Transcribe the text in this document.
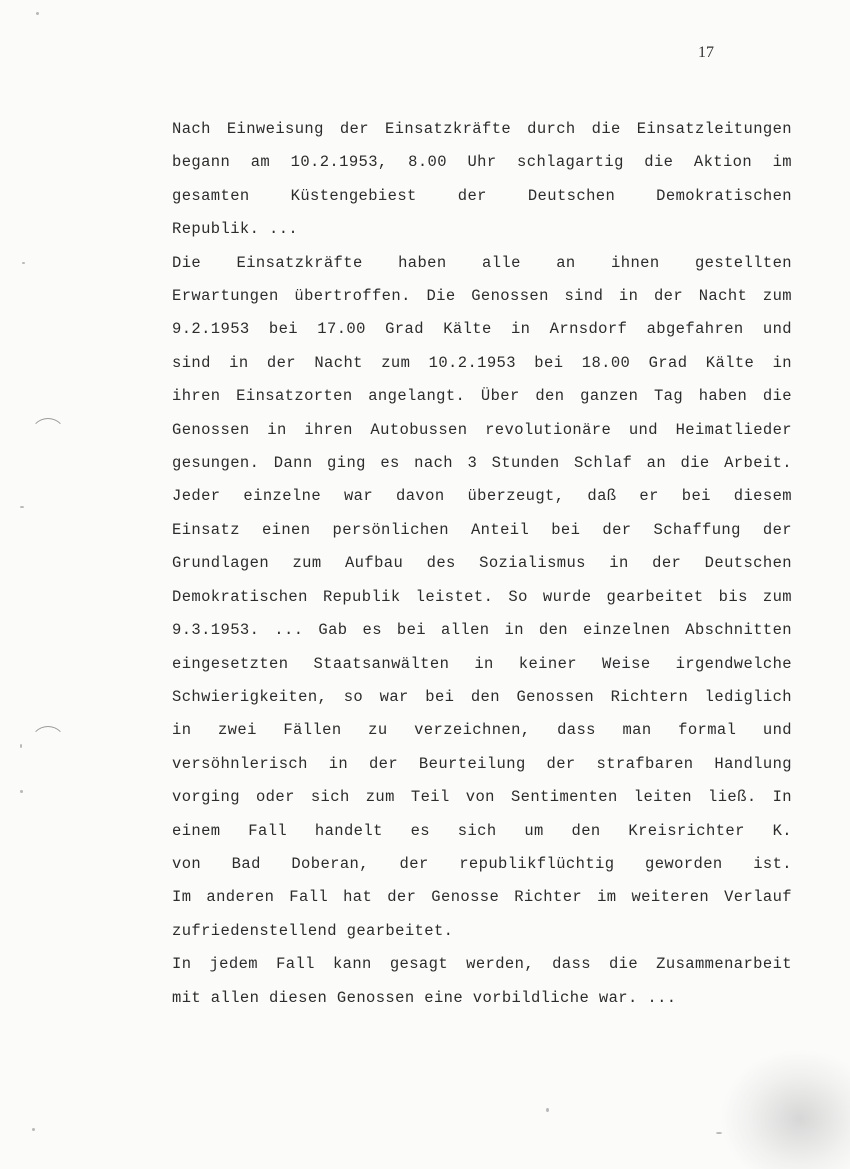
17
Nach Einweisung der Einsatzkräfte durch die Einsatzleitungen
begann am 10.2.1953, 8.00 Uhr schlagartig die Aktion im
gesamten Küstengebiest der Deutschen Demokratischen
Republik. ...
Die Einsatzkräfte haben alle an ihnen gestellten
Erwartungen übertroffen. Die Genossen sind in der Nacht zum
9.2.1953 bei 17.00 Grad Kälte in Arnsdorf abgefahren und
sind in der Nacht zum 10.2.1953 bei 18.00 Grad Kälte in
ihren Einsatzorten angelangt. Über den ganzen Tag haben die
Genossen in ihren Autobussen revolutionäre und Heimatlieder
gesungen. Dann ging es nach 3 Stunden Schlaf an die Arbeit.
Jeder einzelne war davon überzeugt, daß er bei diesem
Einsatz einen persönlichen Anteil bei der Schaffung der
Grundlagen zum Aufbau des Sozialismus in der Deutschen
Demokratischen Republik leistet. So wurde gearbeitet bis zum
9.3.1953. ... Gab es bei allen in den einzelnen Abschnitten
eingesetzten Staatsanwälten in keiner Weise irgendwelche
Schwierigkeiten, so war bei den Genossen Richtern lediglich
in zwei Fällen zu verzeichnen, dass man formal und
versöhnlerisch in der Beurteilung der strafbaren Handlung
vorging oder sich zum Teil von Sentimenten leiten ließ. In
einem Fall handelt es sich um den Kreisrichter K.
von Bad Doberan, der republikflüchtig geworden ist.
Im anderen Fall hat der Genosse Richter im weiteren Verlauf
zufriedenstellend gearbeitet.
In jedem Fall kann gesagt werden, dass die Zusammenarbeit
mit allen diesen Genossen eine vorbildliche war. ...
